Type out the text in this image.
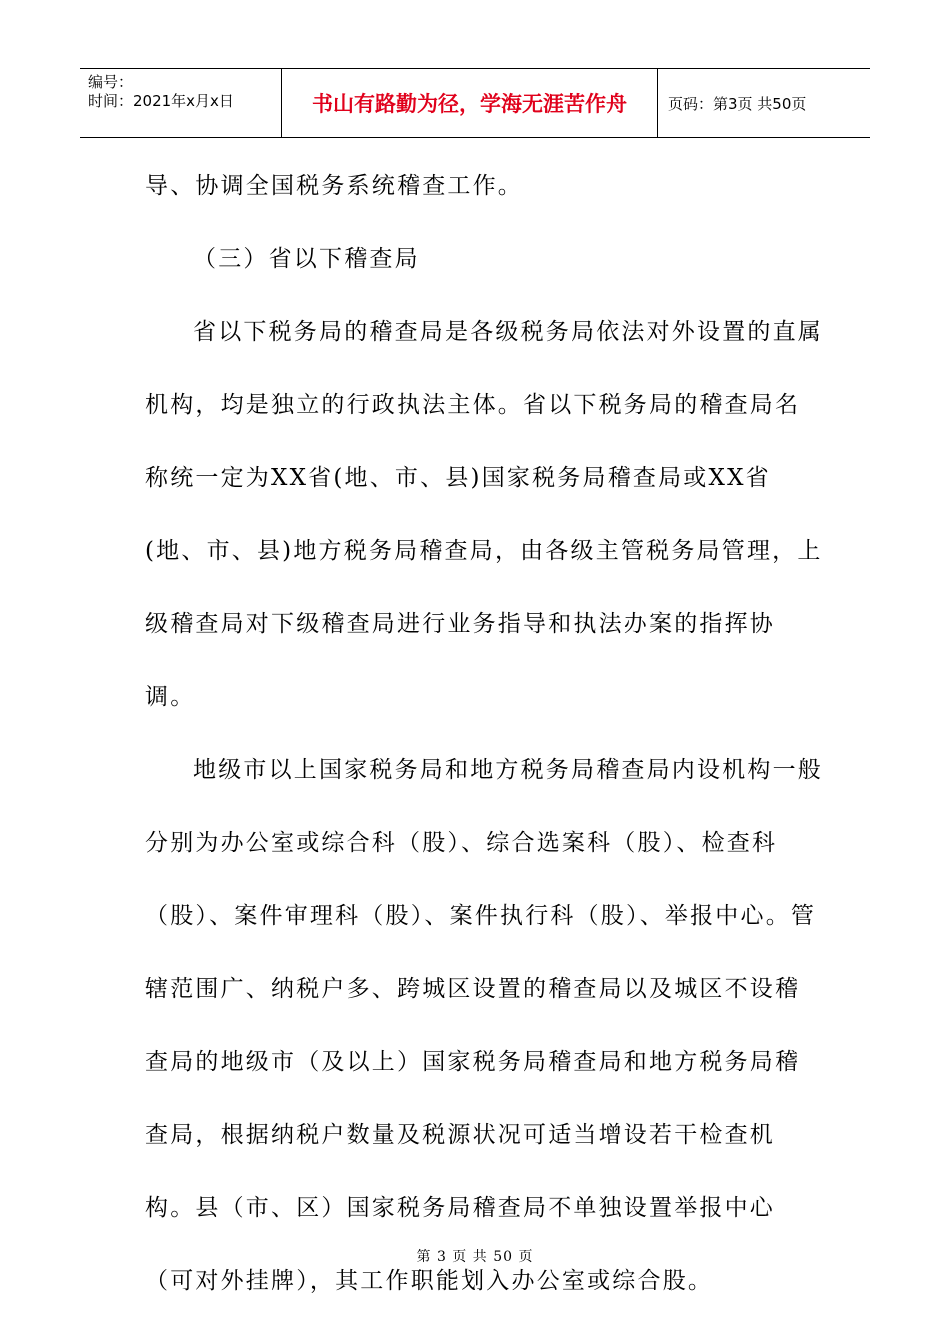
编号：
时间：2021年x月x日	书山有路勤为径，学海无涯苦作舟	页码：第3页 共50页

导、协调全国税务系统稽查工作。

（三）省以下稽查局

省以下税务局的稽查局是各级税务局依法对外设置的直属机构，均是独立的行政执法主体。省以下税务局的稽查局名称统一定为XX省(地、市、县)国家税务局稽查局或XX省(地、市、县)地方税务局稽查局，由各级主管税务局管理，上级稽查局对下级稽查局进行业务指导和执法办案的指挥协调。

地级市以上国家税务局和地方税务局稽查局内设机构一般分别为办公室或综合科（股）、综合选案科（股）、检查科（股）、案件审理科（股）、案件执行科（股）、举报中心。管辖范围广、纳税户多、跨城区设置的稽查局以及城区不设稽查局的地级市（及以上）国家税务局稽查局和地方税务局稽查局，根据纳税户数量及税源状况可适当增设若干检查机构。县（市、区）国家税务局稽查局不单独设置举报中心（可对外挂牌），其工作职能划入办公室或综合股。

第 3 页 共 50 页
